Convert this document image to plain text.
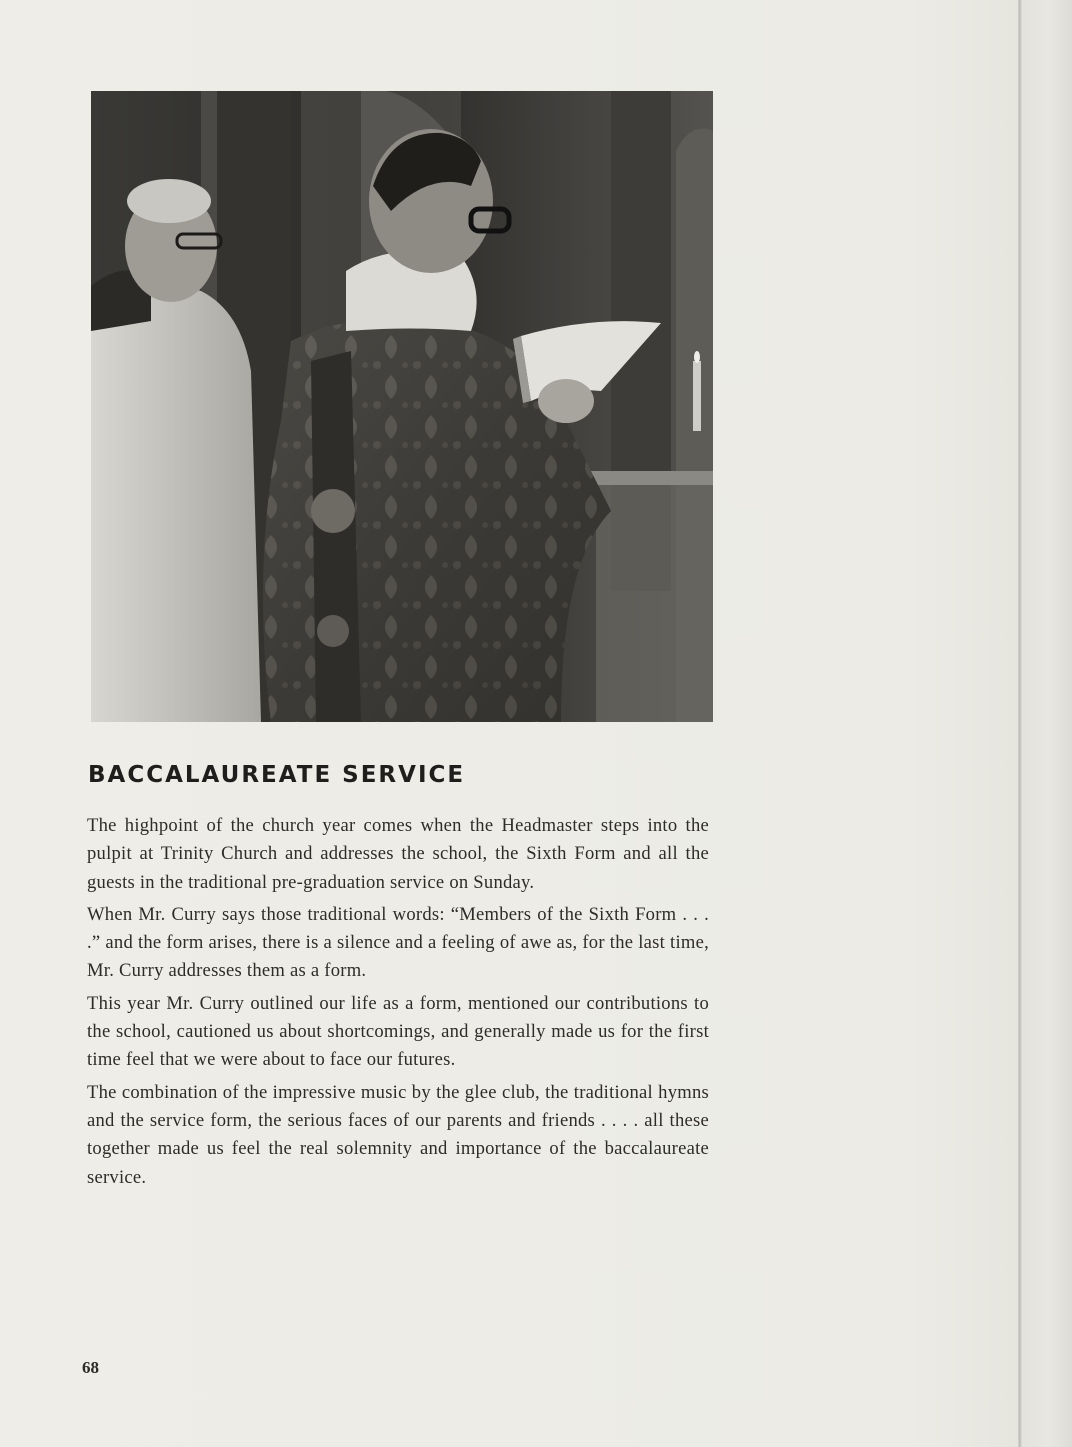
BACCALAUREATE SERVICE

The highpoint of the church year comes when the Headmaster steps into the pulpit at Trinity Church and addresses the school, the Sixth Form and all the guests in the traditional pre-graduation service on Sunday.

When Mr. Curry says those traditional words: “Members of the Sixth Form . . . .” and the form arises, there is a silence and a feeling of awe as, for the last time, Mr. Curry addresses them as a form.

This year Mr. Curry outlined our life as a form, mentioned our contributions to the school, cautioned us about shortcomings, and generally made us for the first time feel that we were about to face our futures.

The combination of the impressive music by the glee club, the traditional hymns and the service form, the serious faces of our parents and friends . . . . all these together made us feel the real solemnity and importance of the baccalaureate service.

68
